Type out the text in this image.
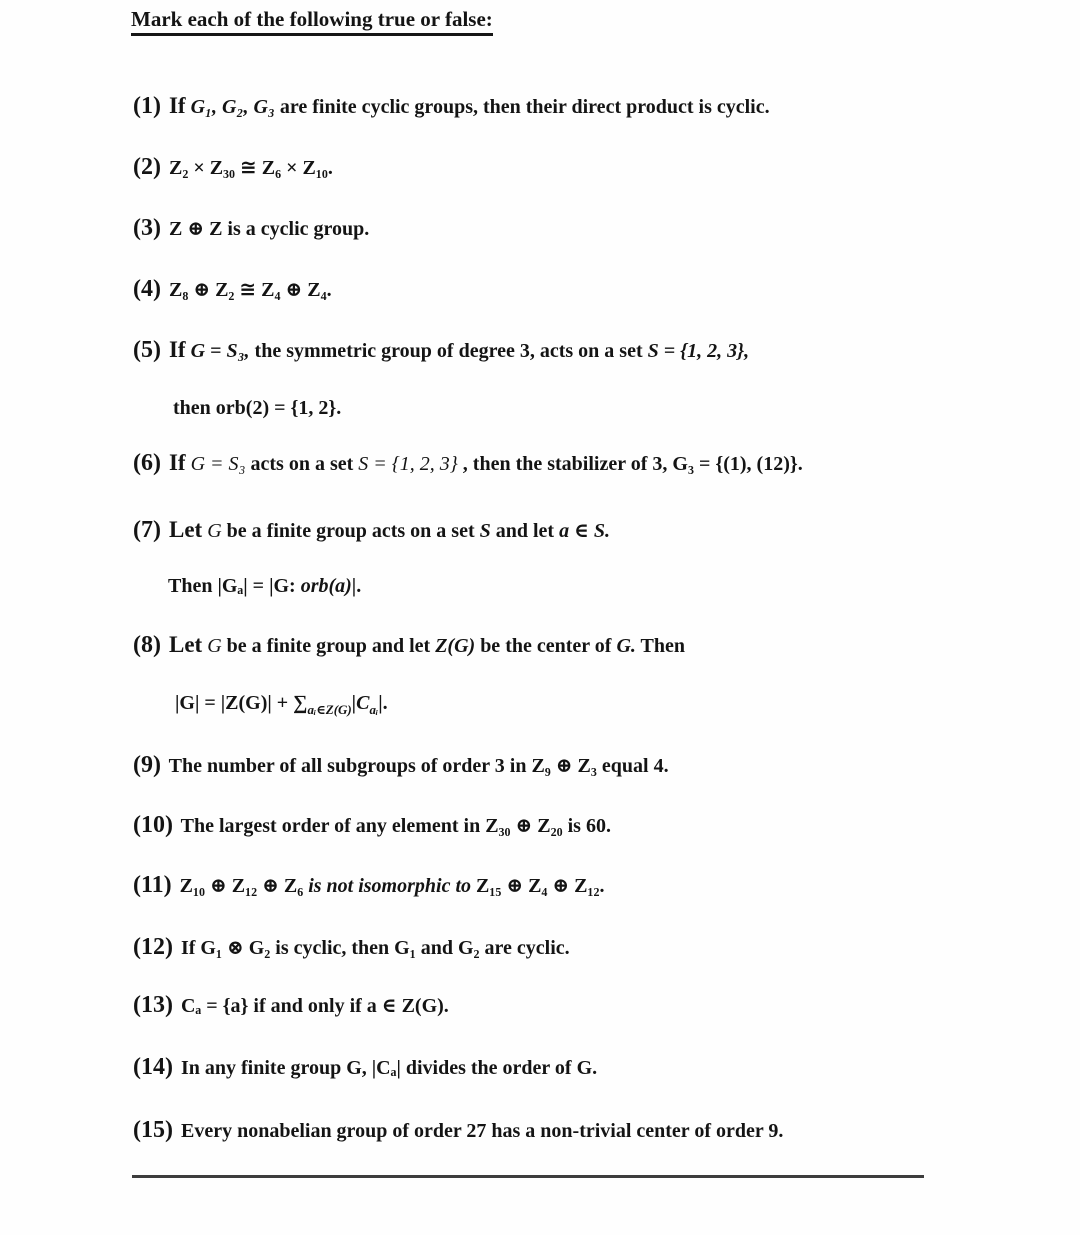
Mark each of the following true or false:
(1) If G₁, G₂, G₃ are finite cyclic groups, then their direct product is cyclic.
(2) Z₂ × Z₃₀ ≅ Z₆ × Z₁₀.
(3) Z ⊕ Z is a cyclic group.
(4) Z₈ ⊕ Z₂ ≅ Z₄ ⊕ Z₄.
(5) If G = S₃, the symmetric group of degree 3, acts on a set S = {1, 2, 3},
then orb(2) = {1, 2}.
(6) If G = S₃ acts on a set S = {1, 2, 3} , then the stabilizer of 3, G₃ = {(1), (12)}.
(7) Let G be a finite group acts on a set S and let a ∈ S.
Then |Gₐ| = |G: orb(a)|.
(8) Let G be a finite group and let Z(G) be the center of G. Then
$|G| = |Z(G)| + \sum_{aᵢ\in Z(G)}|C_{aᵢ}|$.
(9) The number of all subgroups of order 3 in Z₉ ⊕ Z₃ equal 4.
(10) The largest order of any element in Z₃₀ ⊕ Z₂₀ is 60.
(11) Z₁₀ ⊕ Z₁₂ ⊕ Z₆ is not isomorphic to Z₁₅ ⊕ Z₄ ⊕ Z₁₂.
(12) If G₁ ⊗ G₂ is cyclic, then G₁ and G₂ are cyclic.
(13) Cₐ = {a} if and only if a ∈ Z(G).
(14) In any finite group G, |Cₐ| divides the order of G.
(15) Every nonabelian group of order 27 has a non-trivial center of order 9.
